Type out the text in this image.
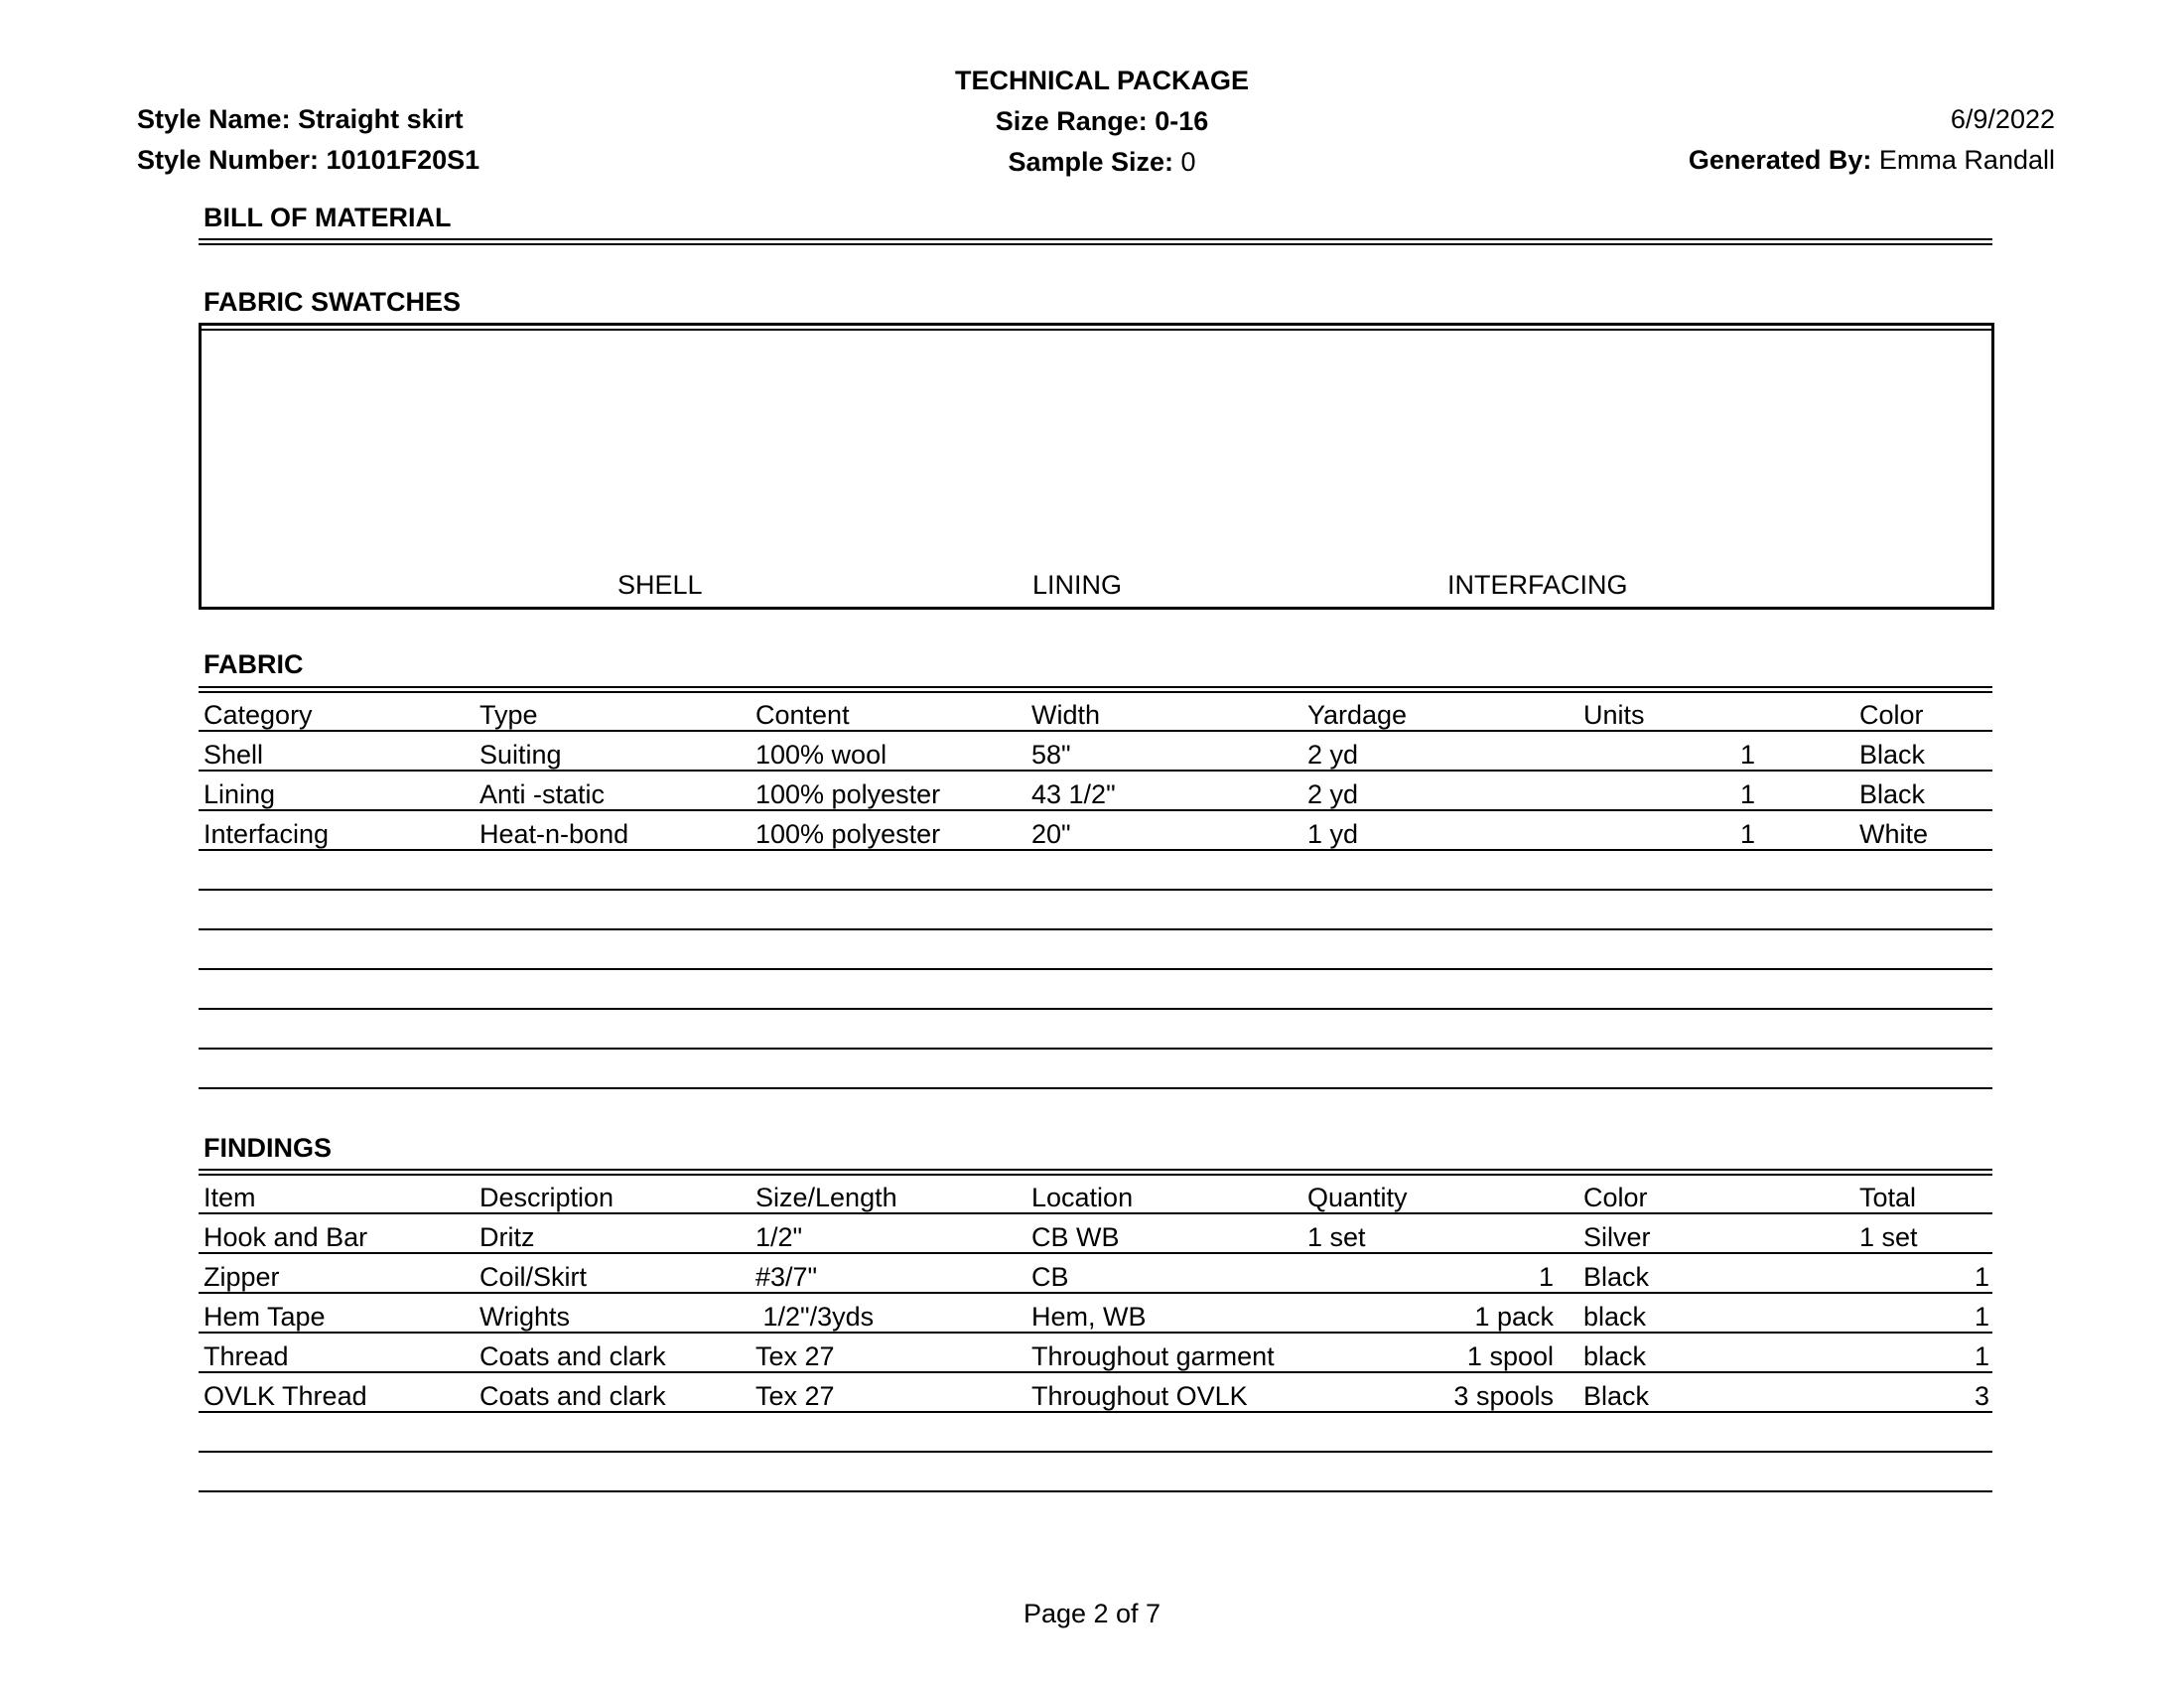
Style Name: Straight skirt
Style Number: 10101F20S1
TECHNICAL PACKAGE
Size Range: 0-16
Sample Size: 0
6/9/2022
Generated By: Emma Randall
BILL OF MATERIAL
FABRIC SWATCHES
SHELL	LINING	INTERFACING
FABRIC
Category	Type	Content	Width	Yardage	Units	Color
Shell	Suiting	100% wool	58"	2 yd	1	Black
Lining	Anti -static	100% polyester	43 1/2"	2 yd	1	Black
Interfacing	Heat-n-bond	100% polyester	20"	1 yd	1	White

FINDINGS
Item	Description	Size/Length	Location	Quantity	Color	Total
Hook and Bar	Dritz	1/2"	CB WB	1 set	Silver	1 set
Zipper	Coil/Skirt	#3/7"	CB	1	Black	1
Hem Tape	Wrights	1/2"/3yds	Hem, WB	1 pack	black	1
Thread	Coats and clark	Tex 27	Throughout garment	1 spool	black	1
OVLK Thread	Coats and clark	Tex 27	Throughout OVLK	3 spools	Black	3

Page 2 of 7
